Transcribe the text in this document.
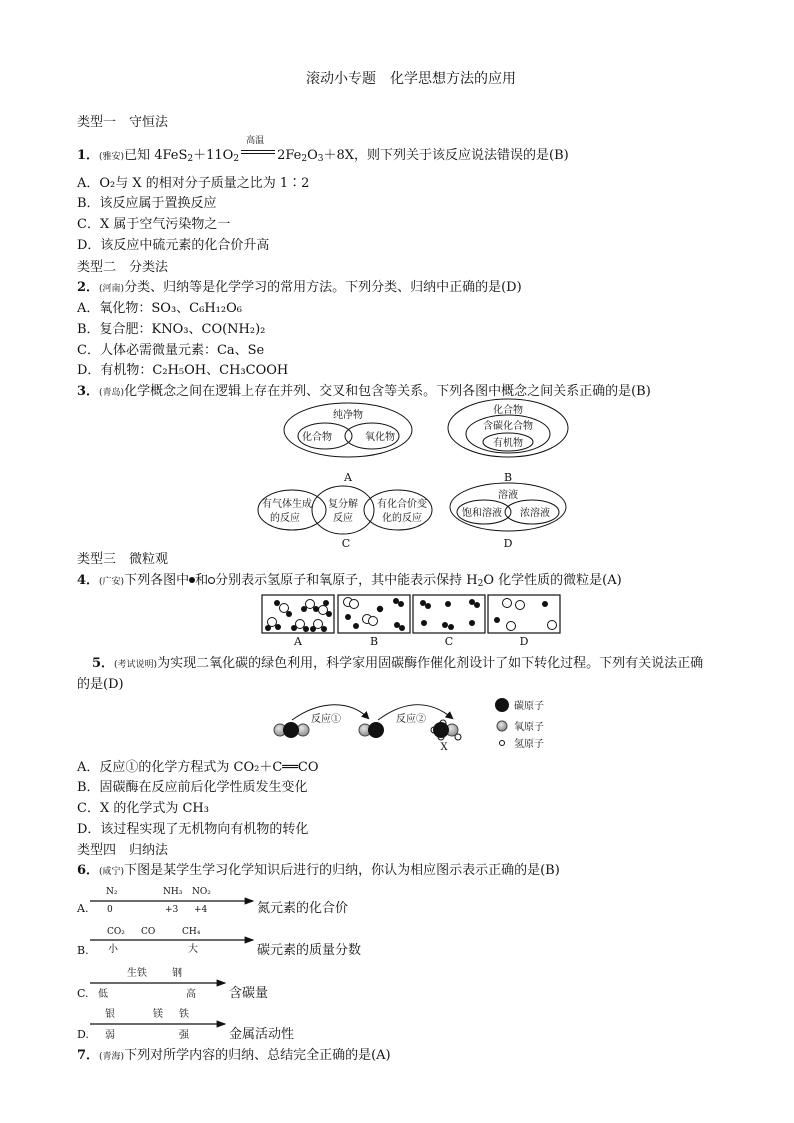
滚动小专题　化学思想方法的应用
类型一　守恒法
1．(雅安)已知 $4FeS_2+11O_2$
高温
$2Fe_2O_3+8X$，则下列关于该反应说法错误的是(B)
A．O₂与 X 的相对分子质量之比为 1∶2
B．该反应属于置换反应
C．X 属于空气污染物之一
D．该反应中硫元素的化合价升高
类型二　分类法
2．(河南)分类、归纳等是化学学习的常用方法。下列分类、归纳中正确的是(D)
A．氧化物：SO₃、C₆H₁₂O₆
B．复合肥：KNO₃、CO(NH₂)₂
C．人体必需微量元素：Ca、Se
D．有机物：C₂H₅OH、CH₃COOH
3．(青岛)化学概念之间在逻辑上存在并列、交叉和包含等关系。下列各图中概念之间关系正确的是(B)
纯净物
化合物	氧化物
A
化合物
含碳化合物
有机物
B
有气体生成
的反应
复分解
反应
有化合价变
化的反应
C
溶液
饱和溶液 浓溶液
D
类型三　微粒观
4．(广安)下列各图中 和 分别表示氢原子和氧原子，其中能表示保持 $H_2O$ 化学性质的微粒是(A)
A	B	C	D
5．(考试说明)为实现二氧化碳的绿色利用，科学家用固碳酶作催化剂设计了如下转化过程。下列有关说法正确
的是(D)
反应①	反应②
X
碳原子
氧原子
氢原子
A．反应①的化学方程式为 CO₂＋C══CO
B．固碳酶在反应前后化学性质发生变化
C．X 的化学式为 CH₃
D．该过程实现了无机物向有机物的转化
类型四　归纳法
6．(咸宁)下图是某学生学习化学知识后进行的归纳，你认为相应图示表示正确的是(B)
A.
N₂	NH₃ NO₂
0	+3 +4	氮元素的化合价
B.
CO₂ CO	CH₄
小	大	碳元素的质量分数
C.
生铁	钢
低	高	含碳量
D.
银	镁 铁
弱	强	金属活动性
7．(青海)下列对所学内容的归纳、总结完全正确的是(A)
